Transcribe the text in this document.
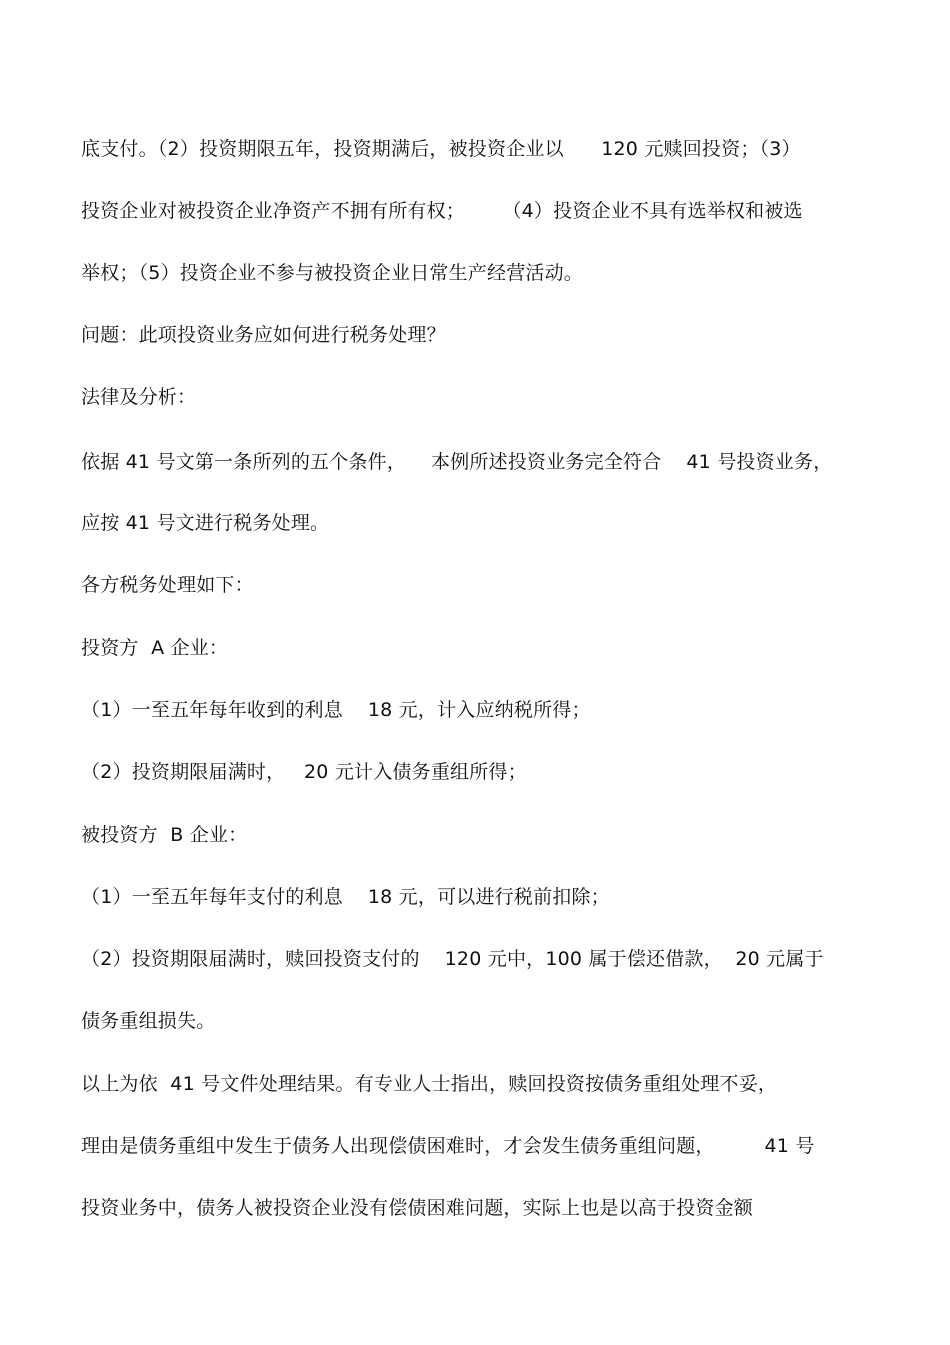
底支付。（2）投资期限五年，投资期满后，被投资企业以      120 元赎回投资；（3）
投资企业对被投资企业净资产不拥有所有权；      （4）投资企业不具有选举权和被选
举权；（5）投资企业不参与被投资企业日常生产经营活动。
问题：此项投资业务应如何进行税务处理？
法律及分析：
依据 41 号文第一条所列的五个条件，    本例所述投资业务完全符合    41 号投资业务，
应按 41 号文进行税务处理。
各方税务处理如下：
投资方  A 企业：
（1）一至五年每年收到的利息    18 元，计入应纳税所得；
（2）投资期限届满时，   20 元计入债务重组所得；
被投资方  B 企业：
（1）一至五年每年支付的利息    18 元，可以进行税前扣除；
（2）投资期限届满时，赎回投资支付的    120 元中，100 属于偿还借款，  20 元属于
债务重组损失。
以上为依  41 号文件处理结果。有专业人士指出，赎回投资按债务重组处理不妥，
理由是债务重组中发生于债务人出现偿债困难时，才会发生债务重组问题，        41 号
投资业务中，债务人被投资企业没有偿债困难问题，实际上也是以高于投资金额
